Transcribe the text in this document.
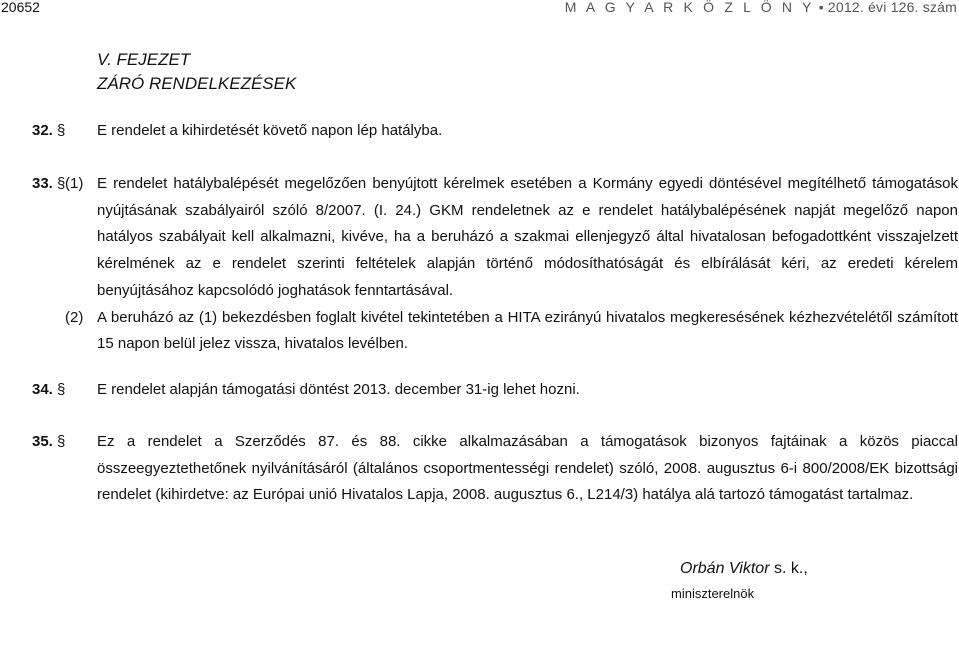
20652	M A G Y A R K Ö Z L Ö N Y • 2012. évi 126. szám
V. FEJEZET
ZÁRÓ RENDELKEZÉSEK
32. § E rendelet a kihirdetését követő napon lép hatályba.
33. § (1) E rendelet hatálybalépését megelőzően benyújtott kérelmek esetében a Kormány egyedi döntésével megítélhető támogatások nyújtásának szabályairól szóló 8/2007. (I. 24.) GKM rendeletnek az e rendelet hatálybalépésének napját megelőző napon hatályos szabályait kell alkalmazni, kivéve, ha a beruházó a szakmai ellenjegyző által hivatalosan befogadottként visszajelzett kérelmének az e rendelet szerinti feltételek alapján történő módosíthatóságát és elbírálását kéri, az eredeti kérelem benyújtásához kapcsolódó joghatások fenntartásával.
(2) A beruházó az (1) bekezdésben foglalt kivétel tekintetében a HITA ezirányú hivatalos megkeresésének kézhezvételétől számított 15 napon belül jelez vissza, hivatalos levélben.
34. § E rendelet alapján támogatási döntést 2013. december 31-ig lehet hozni.
35. § Ez a rendelet a Szerződés 87. és 88. cikke alkalmazásában a támogatások bizonyos fajtáinak a közös piaccal összeegyeztethetőnek nyilvánításáról (általános csoportmentességi rendelet) szóló, 2008. augusztus 6-i 800/2008/EK bizottsági rendelet (kihirdetve: az Európai unió Hivatalos Lapja, 2008. augusztus 6., L214/3) hatálya alá tartozó támogatást tartalmaz.
Orbán Viktor s. k.,
miniszterelnök
